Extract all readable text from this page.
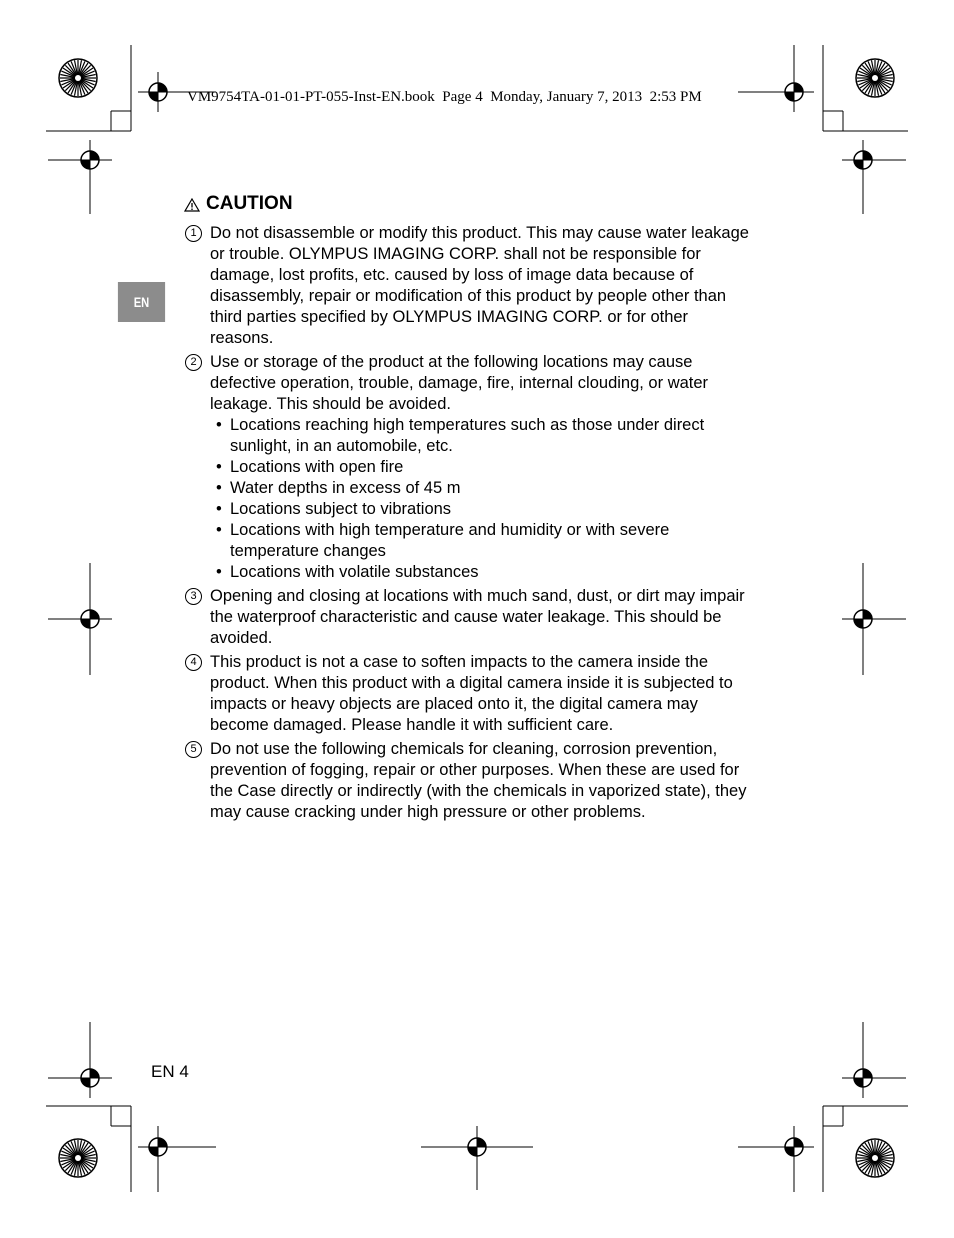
VM9754TA-01-01-PT-055-Inst-EN.book  Page 4  Monday, January 7, 2013  2:53 PM
EN
CAUTION
1 Do not disassemble or modify this product. This may cause water leakage or trouble. OLYMPUS IMAGING CORP. shall not be responsible for damage, lost profits, etc. caused by loss of image data because of disassembly, repair or modification of this product by people other than third parties specified by OLYMPUS IMAGING CORP. or for other reasons.
2 Use or storage of the product at the following locations may cause defective operation, trouble, damage, fire, internal clouding, or water leakage. This should be avoided.
• Locations reaching high temperatures such as those under direct sunlight, in an automobile, etc.
• Locations with open fire
• Water depths in excess of 45 m
• Locations subject to vibrations
• Locations with high temperature and humidity or with severe temperature changes
• Locations with volatile substances
3 Opening and closing at locations with much sand, dust, or dirt may impair the waterproof characteristic and cause water leakage. This should be avoided.
4 This product is not a case to soften impacts to the camera inside the product. When this product with a digital camera inside it is subjected to impacts or heavy objects are placed onto it, the digital camera may become damaged. Please handle it with sufficient care.
5 Do not use the following chemicals for cleaning, corrosion prevention, prevention of fogging, repair or other purposes. When these are used for the Case directly or indirectly (with the chemicals in vaporized state), they may cause cracking under high pressure or other problems.
EN 4
